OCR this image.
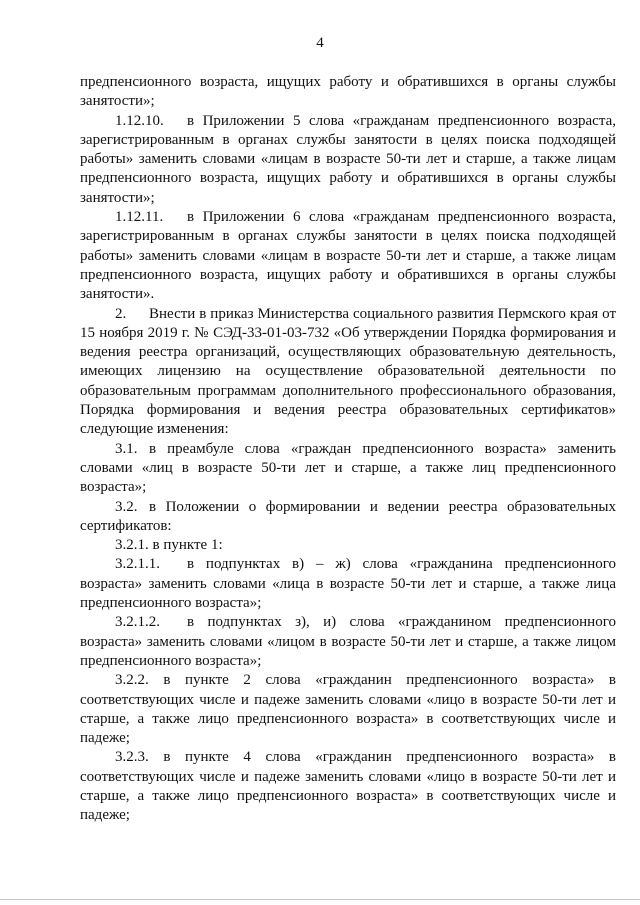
4

предпенсионного возраста, ищущих работу и обратившихся в органы службы занятости»;

1.12.10. в Приложении 5 слова «гражданам предпенсионного возраста, зарегистрированным в органах службы занятости в целях поиска подходящей работы» заменить словами «лицам в возрасте 50-ти лет и старше, а также лицам предпенсионного возраста, ищущих работу и обратившихся в органы службы занятости»;

1.12.11. в Приложении 6 слова «гражданам предпенсионного возраста, зарегистрированным в органах службы занятости в целях поиска подходящей работы» заменить словами «лицам в возрасте 50-ти лет и старше, а также лицам предпенсионного возраста, ищущих работу и обратившихся в органы службы занятости».

2. Внести в приказ Министерства социального развития Пермского края от 15 ноября 2019 г. № СЭД-33-01-03-732 «Об утверждении Порядка формирования и ведения реестра организаций, осуществляющих образовательную деятельность, имеющих лицензию на осуществление образовательной деятельности по образовательным программам дополнительного профессионального образования, Порядка формирования и ведения реестра образовательных сертификатов» следующие изменения:

3.1. в преамбуле слова «граждан предпенсионного возраста» заменить словами «лиц в возрасте 50-ти лет и старше, а также лиц предпенсионного возраста»;

3.2. в Положении о формировании и ведении реестра образовательных сертификатов:

3.2.1. в пункте 1:

3.2.1.1. в подпунктах в) – ж) слова «гражданина предпенсионного возраста» заменить словами «лица в возрасте 50-ти лет и старше, а также лица предпенсионного возраста»;

3.2.1.2. в подпунктах з), и) слова «гражданином предпенсионного возраста» заменить словами «лицом в возрасте 50-ти лет и старше, а также лицом предпенсионного возраста»;

3.2.2. в пункте 2 слова «гражданин предпенсионного возраста» в соответствующих числе и падеже заменить словами «лицо в возрасте 50-ти лет и старше, а также лицо предпенсионного возраста» в соответствующих числе и падеже;

3.2.3. в пункте 4 слова «гражданин предпенсионного возраста» в соответствующих числе и падеже заменить словами «лицо в возрасте 50-ти лет и старше, а также лицо предпенсионного возраста» в соответствующих числе и падеже;
